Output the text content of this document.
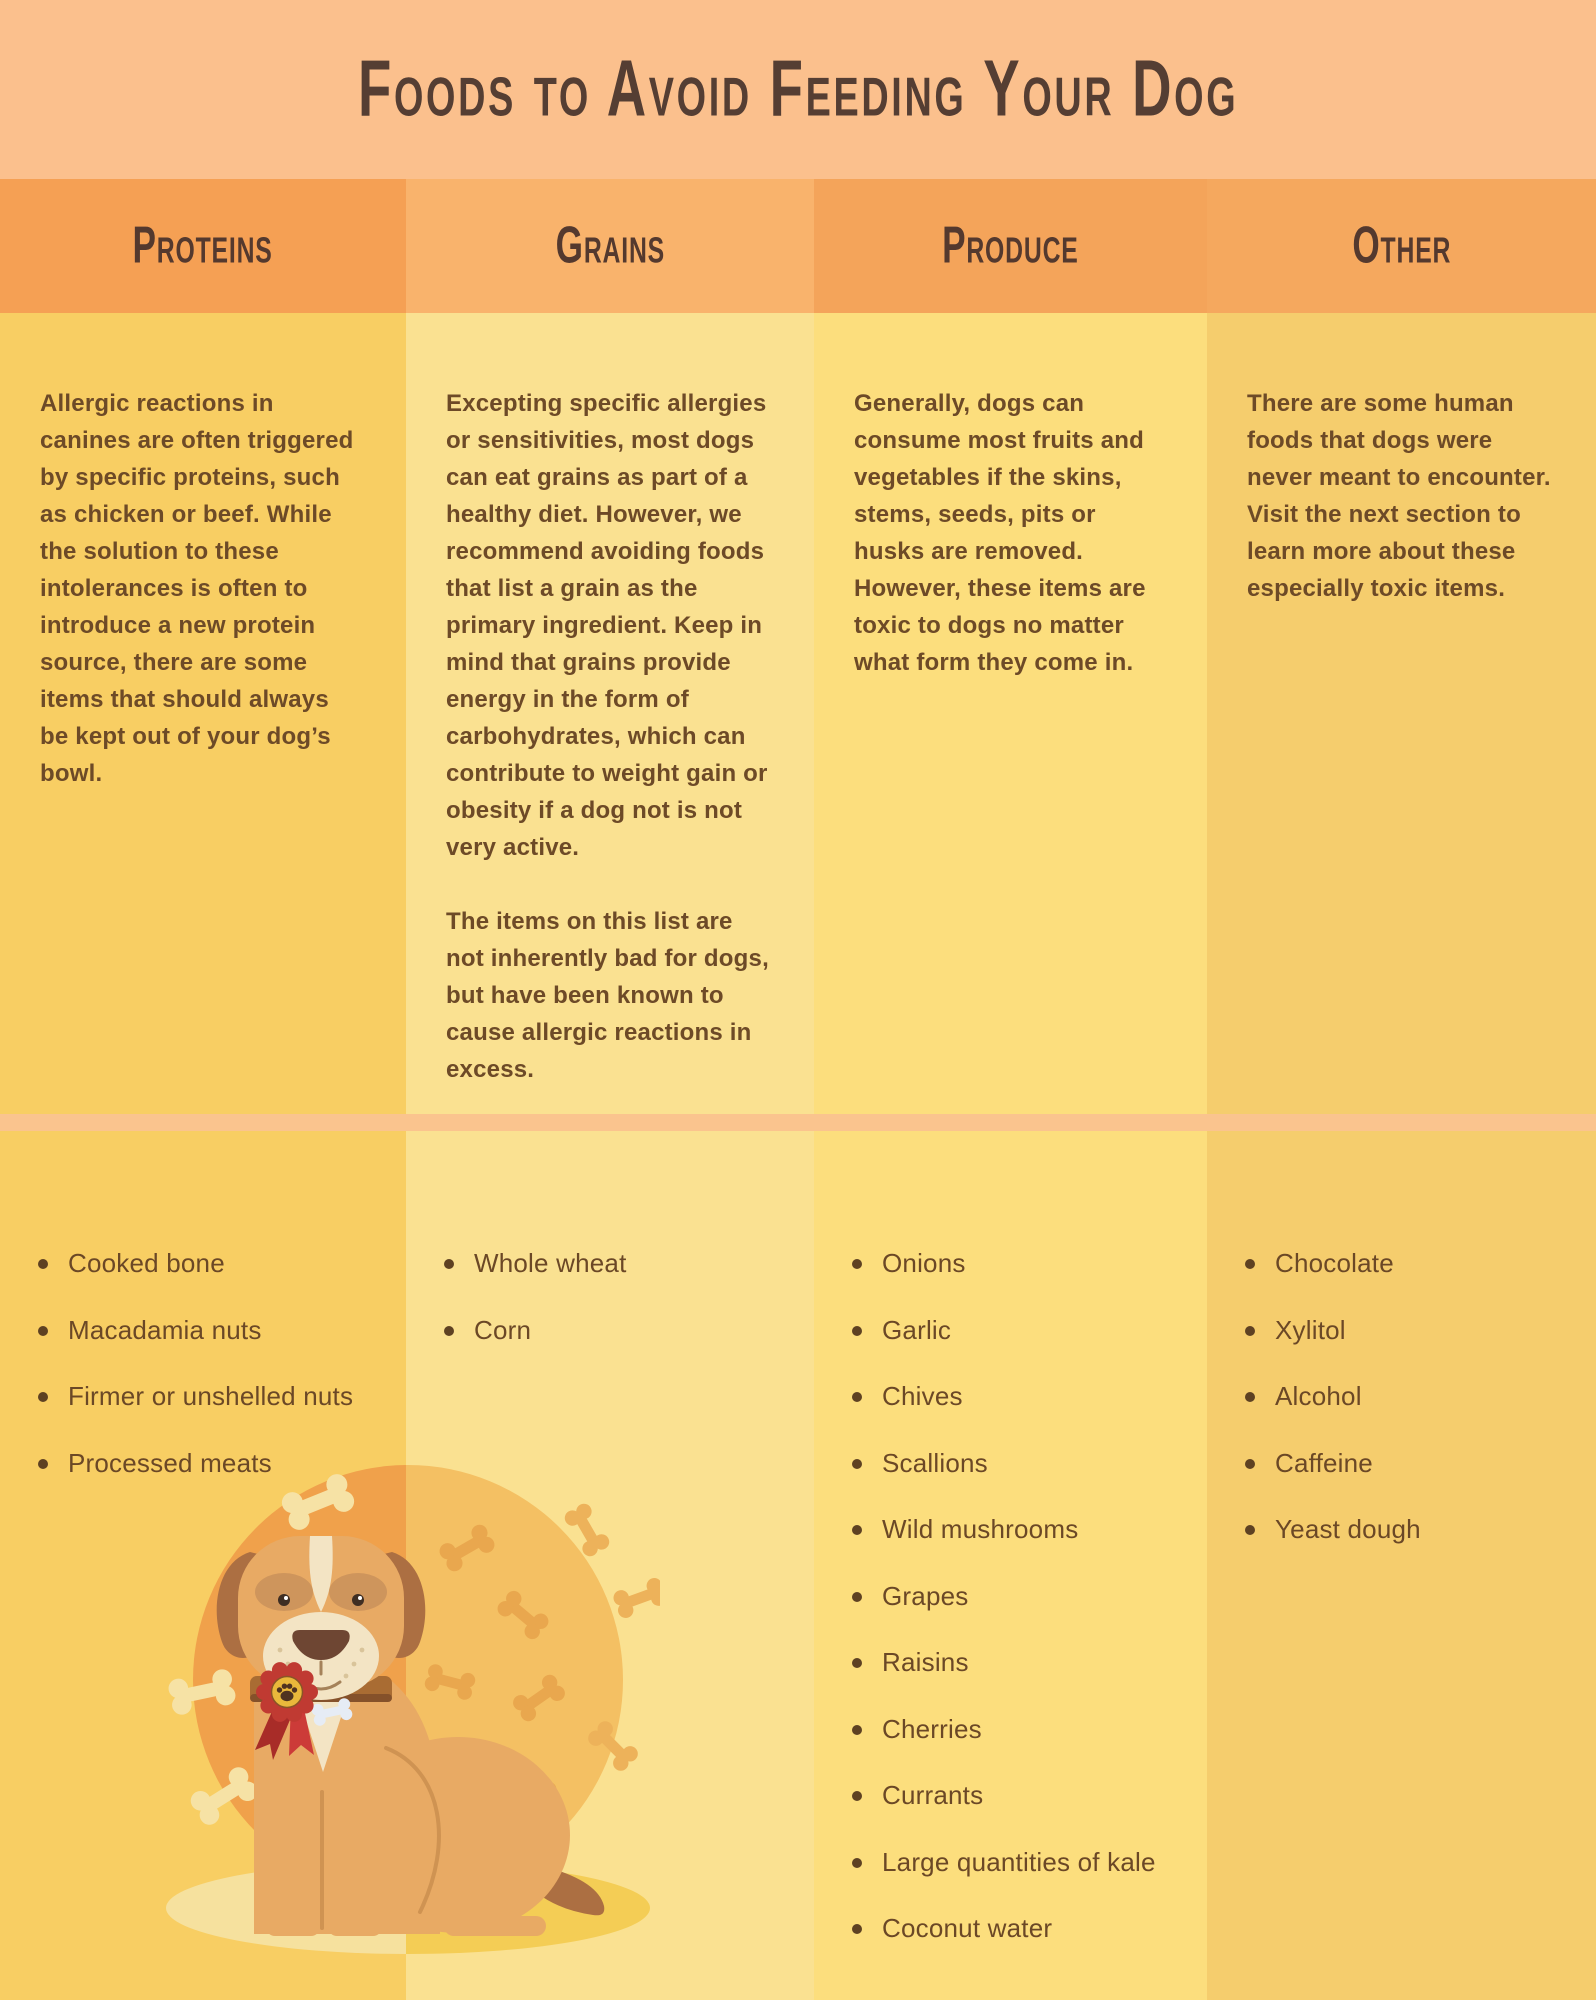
Foods to Avoid Feeding Your Dog
Proteins	Grains	Produce	Other

Allergic reactions in canines are often triggered by specific proteins, such as chicken or beef. While the solution to these intolerances is often to introduce a new protein source, there are some items that should always be kept out of your dog’s bowl.

Cooked bone
Macadamia nuts
Firmer or unshelled nuts
Processed meats

Excepting specific allergies or sensitivities, most dogs can eat grains as part of a healthy diet. However, we recommend avoiding foods that list a grain as the primary ingredient. Keep in mind that grains provide energy in the form of carbohydrates, which can contribute to weight gain or obesity if a dog not is not very active.

The items on this list are not inherently bad for dogs, but have been known to cause allergic reactions in excess.

Whole wheat
Corn

Generally, dogs can consume most fruits and vegetables if the skins, stems, seeds, pits or husks are removed. However, these items are toxic to dogs no matter what form they come in.

Onions
Garlic
Chives
Scallions
Wild mushrooms
Grapes
Raisins
Cherries
Currants
Large quantities of kale
Coconut water

There are some human foods that dogs were never meant to encounter. Visit the next section to learn more about these especially toxic items.

Chocolate
Xylitol
Alcohol
Caffeine
Yeast dough
